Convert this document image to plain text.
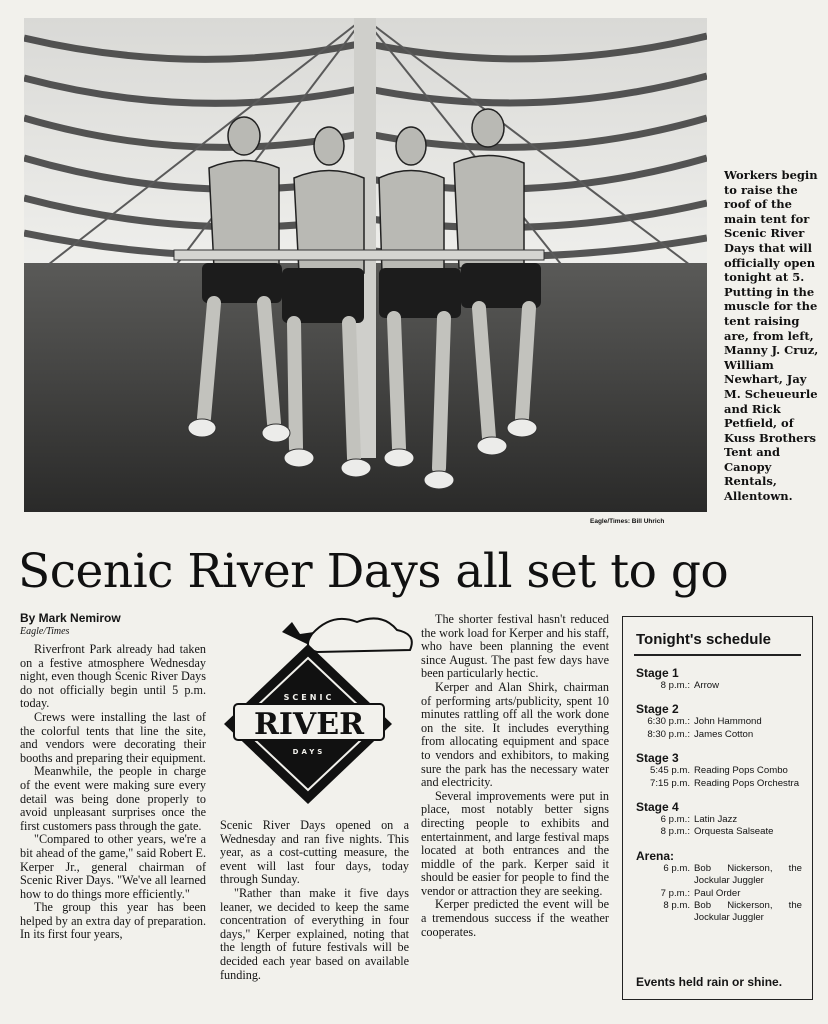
Workers begin to raise the roof of the main tent for Scenic River Days that will officially open tonight at 5. Putting in the muscle for the tent raising are, from left, Manny J. Cruz, William Newhart, Jay M. Scheueurle and Rick Petfield, of Kuss Brothers Tent and Canopy Rentals, Allentown.
Eagle/Times: Bill Uhrich
Scenic River Days all set to go
By Mark Nemirow
Eagle/Times

Riverfront Park already had taken on a festive atmosphere Wednesday night, even though Scenic River Days do not officially begin until 5 p.m. today.

Crews were installing the last of the colorful tents that line the site, and vendors were decorating their booths and preparing their equipment.

Meanwhile, the people in charge of the event were making sure every detail was being done properly to avoid unpleasant surprises once the first customers pass through the gate.

"Compared to other years, we're a bit ahead of the game," said Robert E. Kerper Jr., general chairman of Scenic River Days. "We've all learned how to do things more efficiently."

The group this year has been helped by an extra day of preparation. In its first four years,

SCENIC
RIVER
DAYS

Scenic River Days opened on a Wednesday and ran five nights. This year, as a cost-cutting measure, the event will last four days, today through Sunday.

"Rather than make it five days leaner, we decided to keep the same concentration of everything in four days," Kerper explained, noting that the length of future festivals will be decided each year based on available funding.

The shorter festival hasn't reduced the work load for Kerper and his staff, who have been planning the event since August. The past few days have been particularly hectic.

Kerper and Alan Shirk, chairman of performing arts/publicity, spent 10 minutes rattling off all the work done on the site. It includes everything from allocating equipment and space to vendors and exhibitors, to making sure the park has the necessary water and electricity.

Several improvements were put in place, most notably better signs directing people to exhibits and entertainment, and large festival maps located at both entrances and the middle of the park. Kerper said it should be easier for people to find the vendor or attraction they are seeking.

Kerper predicted the event will be a tremendous success if the weather cooperates.

Tonight's schedule
Stage 1
8 p.m.: Arrow
Stage 2
6:30 p.m.: John Hammond
8:30 p.m.: James Cotton
Stage 3
5:45 p.m. Reading Pops Combo
7:15 p.m. Reading Pops Orchestra
Stage 4
6 p.m.: Latin Jazz
8 p.m.: Orquesta Salseate
Arena:
6 p.m. Bob Nickerson, the Jockular Juggler
7 p.m.: Paul Order
8 p.m. Bob Nickerson, the Jockular Juggler
Events held rain or shine.
